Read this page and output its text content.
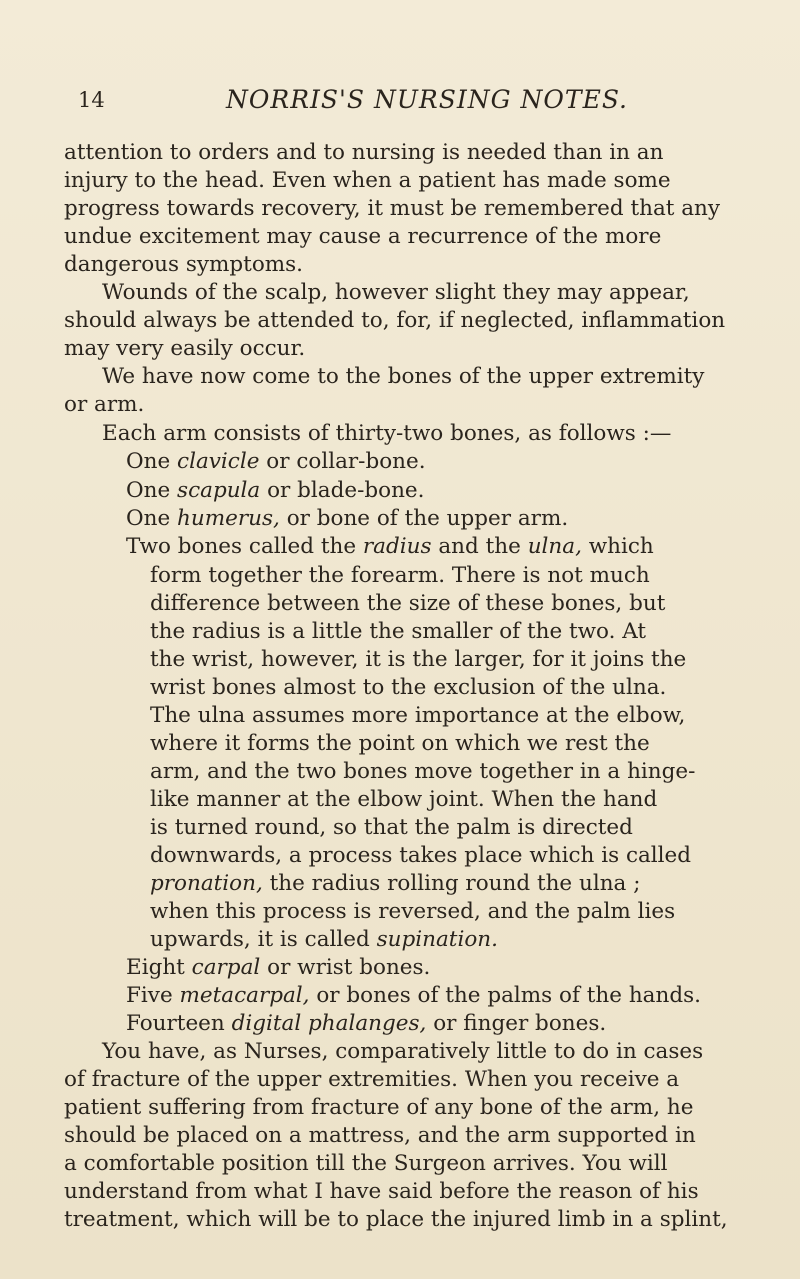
14	NORRIS'S NURSING NOTES.
attention to orders and to nursing is needed than in an
injury to the head. Even when a patient has made some
progress towards recovery, it must be remembered that any
undue excitement may cause a recurrence of the more
dangerous symptoms.
Wounds of the scalp, however slight they may appear,
should always be attended to, for, if neglected, inflammation
may very easily occur.
We have now come to the bones of the upper extremity
or arm.
Each arm consists of thirty-two bones, as follows :—
One clavicle or collar-bone.
One scapula or blade-bone.
One humerus, or bone of the upper arm.
Two bones called the radius and the ulna, which
form together the forearm. There is not much
difference between the size of these bones, but
the radius is a little the smaller of the two. At
the wrist, however, it is the larger, for it joins the
wrist bones almost to the exclusion of the ulna.
The ulna assumes more importance at the elbow,
where it forms the point on which we rest the
arm, and the two bones move together in a hinge-
like manner at the elbow joint. When the hand
is turned round, so that the palm is directed
downwards, a process takes place which is called
pronation, the radius rolling round the ulna ;
when this process is reversed, and the palm lies
upwards, it is called supination.
Eight carpal or wrist bones.
Five metacarpal, or bones of the palms of the hands.
Fourteen digital phalanges, or finger bones.
You have, as Nurses, comparatively little to do in cases
of fracture of the upper extremities. When you receive a
patient suffering from fracture of any bone of the arm, he
should be placed on a mattress, and the arm supported in
a comfortable position till the Surgeon arrives. You will
understand from what I have said before the reason of his
treatment, which will be to place the injured limb in a splint,
